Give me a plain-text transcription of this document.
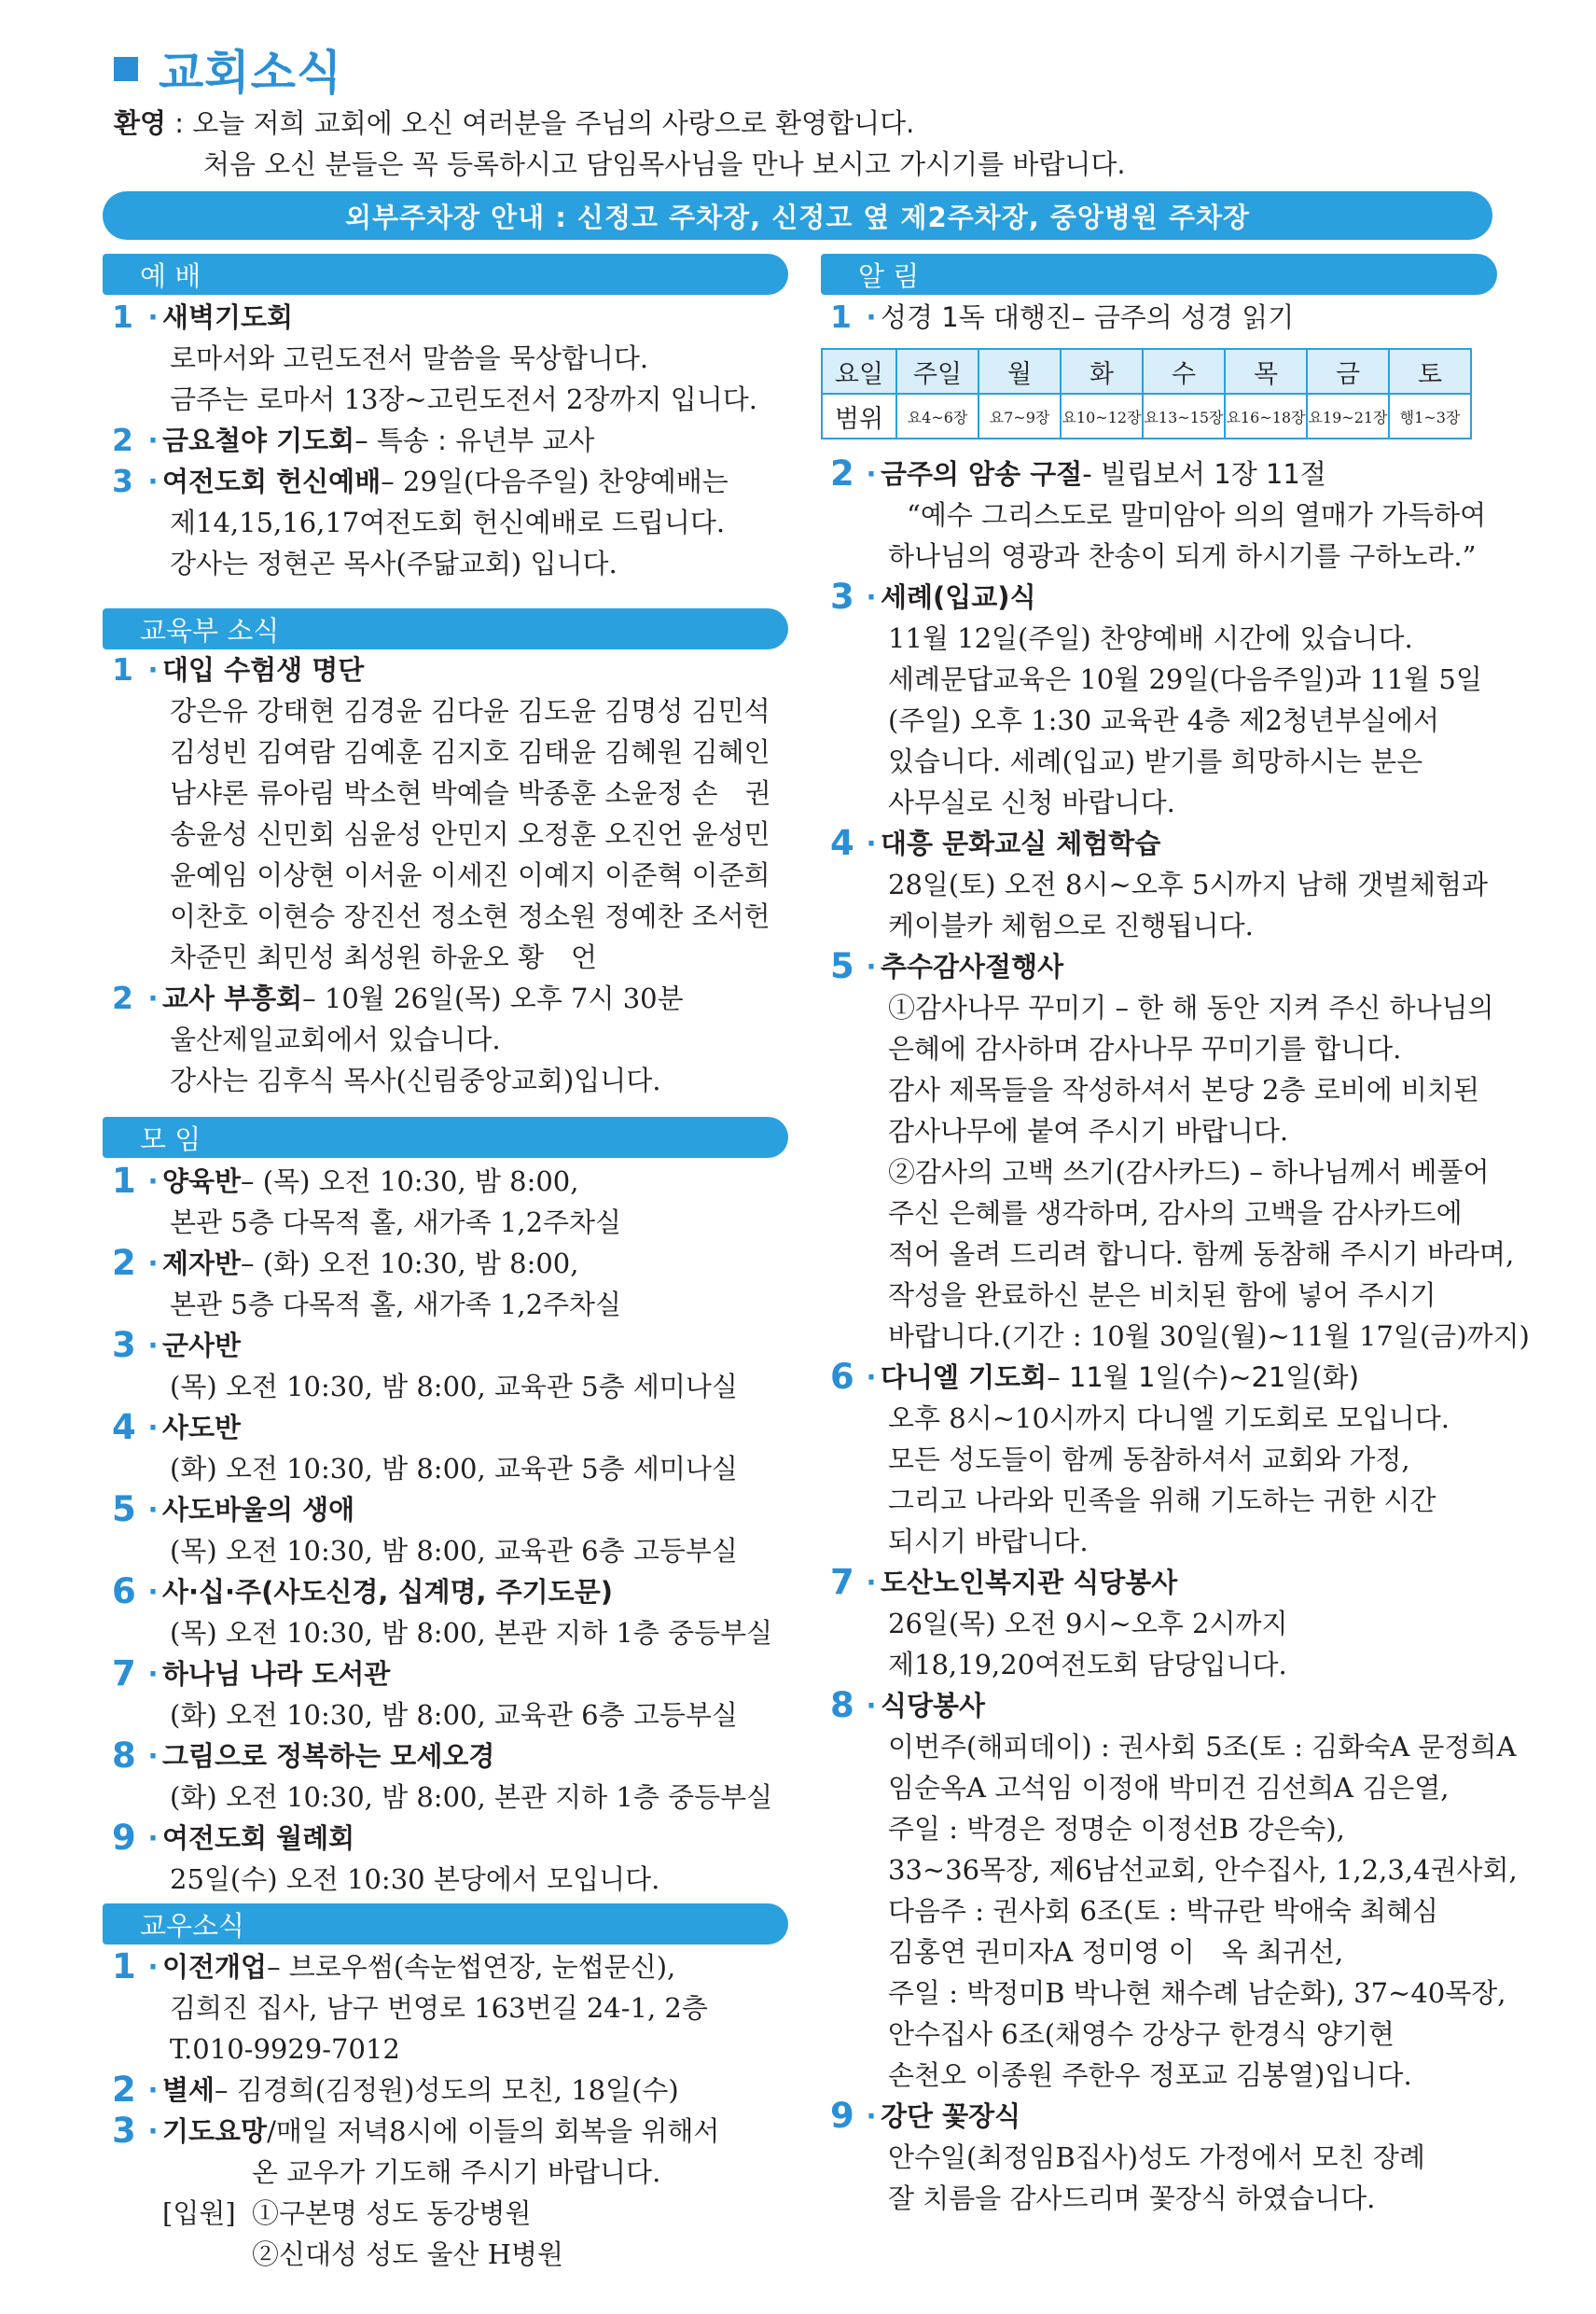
교회소식
환영 : 오늘 저희 교회에 오신 여러분을 주님의 사랑으로 환영합니다.
처음 오신 분들은 꼭 등록하시고 담임목사님을 만나 보시고 가시기를 바랍니다.
외부주차장 안내 : 신정고 주차장, 신정고 옆 제2주차장, 중앙병원 주차장
예 배
1 · 새벽기도회
로마서와 고린도전서 말씀을 묵상합니다.
금주는 로마서 13장~고린도전서 2장까지 입니다.
2 · 금요철야 기도회 – 특송 : 유년부 교사
3 · 여전도회 헌신예배 – 29일(다음주일) 찬양예배는
제14,15,16,17여전도회 헌신예배로 드립니다.
강사는 정현곤 목사(주닮교회) 입니다.
교육부 소식
1 · 대입 수험생 명단
강은유 강태현 김경윤 김다윤 김도윤 김명성 김민석
김성빈 김여람 김예훈 김지호 김태윤 김혜원 김혜인
남샤론 류아림 박소현 박예슬 박종훈 소윤정 손　권
송윤성 신민회 심윤성 안민지 오정훈 오진언 윤성민
윤예임 이상현 이서윤 이세진 이예지 이준혁 이준희
이찬호 이현승 장진선 정소현 정소원 정예찬 조서헌
차준민 최민성 최성원 하윤오 황　언
2 · 교사 부흥회 – 10월 26일(목) 오후 7시 30분
울산제일교회에서 있습니다.
강사는 김후식 목사(신림중앙교회)입니다.
모 임
1 · 양육반 – (목) 오전 10:30, 밤 8:00,
본관 5층 다목적 홀, 새가족 1,2주차실
2 · 제자반 – (화) 오전 10:30, 밤 8:00,
본관 5층 다목적 홀, 새가족 1,2주차실
3 · 군사반
(목) 오전 10:30, 밤 8:00, 교육관 5층 세미나실
4 · 사도반
(화) 오전 10:30, 밤 8:00, 교육관 5층 세미나실
5 · 사도바울의 생애
(목) 오전 10:30, 밤 8:00, 교육관 6층 고등부실
6 · 사·십·주(사도신경, 십계명, 주기도문)
(목) 오전 10:30, 밤 8:00, 본관 지하 1층 중등부실
7 · 하나님 나라 도서관
(화) 오전 10:30, 밤 8:00, 교육관 6층 고등부실
8 · 그림으로 정복하는 모세오경
(화) 오전 10:30, 밤 8:00, 본관 지하 1층 중등부실
9 · 여전도회 월례회
25일(수) 오전 10:30 본당에서 모입니다.
교우소식
1 · 이전개업 – 브로우썸(속눈썹연장, 눈썹문신),
김희진 집사, 남구 번영로 163번길 24-1, 2층
T.010-9929-7012
2 · 별세 – 김경희(김정원)성도의 모친, 18일(수)
3 · 기도요망 /매일 저녁8시에 이들의 회복을 위해서
온 교우가 기도해 주시기 바랍니다.
[입원] ①구본명 성도 동강병원
②신대성 성도 울산 H병원
알 림
1 · 성경 1독 대행진 – 금주의 성경 읽기
요일	주일	월	화	수	목	금	토
범위	요4~6장	요7~9장	요10~12장	요13~15장	요16~18장	요19~21장	행1~3장
2 · 금주의 암송 구절 - 빌립보서 1장 11절
“예수 그리스도로 말미암아 의의 열매가 가득하여
하나님의 영광과 찬송이 되게 하시기를 구하노라.”
3 · 세례(입교)식
11월 12일(주일) 찬양예배 시간에 있습니다.
세례문답교육은 10월 29일(다음주일)과 11월 5일
(주일) 오후 1:30 교육관 4층 제2청년부실에서
있습니다. 세례(입교) 받기를 희망하시는 분은
사무실로 신청 바랍니다.
4 · 대흥 문화교실 체험학습
28일(토) 오전 8시~오후 5시까지 남해 갯벌체험과
케이블카 체험으로 진행됩니다.
5 · 추수감사절행사
①감사나무 꾸미기 – 한 해 동안 지켜 주신 하나님의
은혜에 감사하며 감사나무 꾸미기를 합니다.
감사 제목들을 작성하셔서 본당 2층 로비에 비치된
감사나무에 붙여 주시기 바랍니다.
②감사의 고백 쓰기(감사카드) – 하나님께서 베풀어
주신 은혜를 생각하며, 감사의 고백을 감사카드에
적어 올려 드리려 합니다. 함께 동참해 주시기 바라며,
작성을 완료하신 분은 비치된 함에 넣어 주시기
바랍니다.(기간 : 10월 30일(월)~11월 17일(금)까지)
6 · 다니엘 기도회 – 11월 1일(수)~21일(화)
오후 8시~10시까지 다니엘 기도회로 모입니다.
모든 성도들이 함께 동참하셔서 교회와 가정,
그리고 나라와 민족을 위해 기도하는 귀한 시간
되시기 바랍니다.
7 · 도산노인복지관 식당봉사
26일(목) 오전 9시~오후 2시까지
제18,19,20여전도회 담당입니다.
8 · 식당봉사
이번주(해피데이) : 권사회 5조(토 : 김화숙A 문정희A
임순옥A 고석임 이정애 박미건 김선희A 김은열,
주일 : 박경은 정명순 이정선B 강은숙),
33~36목장, 제6남선교회, 안수집사, 1,2,3,4권사회,
다음주 : 권사회 6조(토 : 박규란 박애숙 최혜심
김홍연 권미자A 정미영 이　옥 최귀선,
주일 : 박정미B 박나현 채수례 남순화), 37~40목장,
안수집사 6조(채영수 강상구 한경식 양기현
손천오 이종원 주한우 정포교 김봉열)입니다.
9 · 강단 꽃장식
안수일(최정임B집사)성도 가정에서 모친 장례
잘 치름을 감사드리며 꽃장식 하였습니다.
